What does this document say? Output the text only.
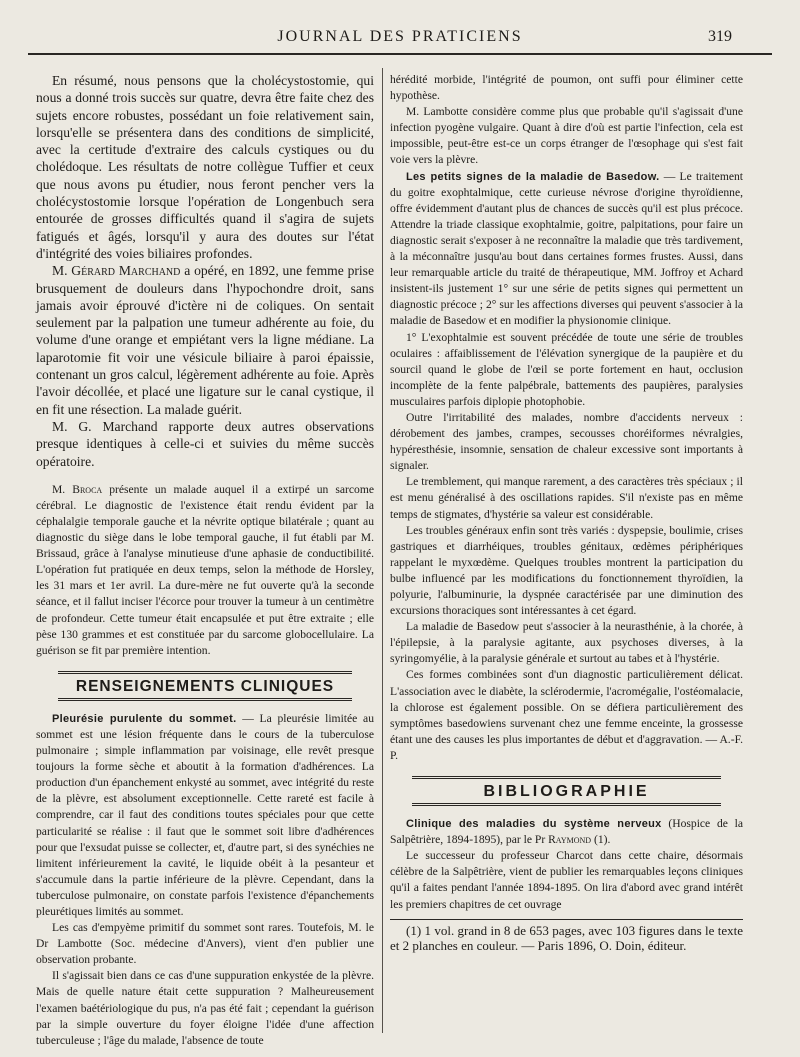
JOURNAL DES PRATICIENS	319

En résumé, nous pensons que la cholécystostomie, qui nous a donné trois succès sur quatre, devra être faite chez des sujets encore robustes, possédant un foie relativement sain, lorsqu'elle se présentera dans des conditions de simplicité, avec la certitude d'extraire des calculs cystiques ou du cholédoque. Les résultats de notre collègue Tuffier et ceux que nous avons pu étudier, nous feront pencher vers la cholécystostomie lorsque l'opération de Longenbuch sera entourée de grosses difficultés quand il s'agira de sujets fatigués et âgés, lorsqu'il y aura des doutes sur l'état d'intégrité des voies biliaires profondes.

M. Gérard Marchand a opéré, en 1892, une femme prise brusquement de douleurs dans l'hypochondre droit, sans jamais avoir éprouvé d'ictère ni de coliques. On sentait seulement par la palpation une tumeur adhérente au foie, du volume d'une orange et empiétant vers la ligne médiane. La laparotomie fit voir une vésicule biliaire à paroi épaissie, contenant un gros calcul, légèrement adhérente au foie. Après l'avoir décollée, et placé une ligature sur le canal cystique, il en fit une résection. La malade guérit.

M. G. Marchand rapporte deux autres observations presque identiques à celle-ci et suivies du même succès opératoire.

M. Broca présente un malade auquel il a extirpé un sarcome cérébral. Le diagnostic de l'existence était rendu évident par la céphalalgie temporale gauche et la névrite optique bilatérale ; quant au diagnostic du siège dans le lobe temporal gauche, il fut établi par M. Brissaud, grâce à l'analyse minutieuse d'une aphasie de conductibilité. L'opération fut pratiquée en deux temps, selon la méthode de Horsley, les 31 mars et 1er avril. La dure-mère ne fut ouverte qu'à la seconde séance, et il fallut inciser l'écorce pour trouver la tumeur à un centimètre de profondeur. Cette tumeur était encapsulée et put être extraite ; elle pèse 130 grammes et est constituée par du sarcome globocellulaire. La guérison se fit par première intention.

RENSEIGNEMENTS CLINIQUES

Pleurésie purulente du sommet. — La pleurésie limitée au sommet est une lésion fréquente dans le cours de la tuberculose pulmonaire ; simple inflammation par voisinage, elle revêt presque toujours la forme sèche et aboutit à la formation d'adhérences. La production d'un épanchement enkysté au sommet, avec intégrité du reste de la plèvre, est absolument exceptionnelle. Cette rareté est facile à comprendre, car il faut des conditions toutes spéciales pour que cette particularité se réalise : il faut que le sommet soit libre d'adhérences pour que l'exsudat puisse se collecter, et, d'autre part, si des synéchies ne limitent inférieurement la cavité, le liquide obéit à la pesanteur et s'accumule dans la partie inférieure de la plèvre. Cependant, dans la tuberculose pulmonaire, on constate parfois l'existence d'épanchements pleurétiques limités au sommet.

Les cas d'empyème primitif du sommet sont rares. Toutefois, M. le Dr Lambotte (Soc. médecine d'Anvers), vient d'en publier une observation probante.

Il s'agissait bien dans ce cas d'une suppuration enkystée de la plèvre. Mais de quelle nature était cette suppuration ? Malheureusement l'examen baétériologique du pus, n'a pas été fait ; cependant la guérison par la simple ouverture du foyer éloigne l'idée d'une affection tuberculeuse ; l'âge du malade, l'absence de toute

hérédité morbide, l'intégrité de poumon, ont suffi pour éliminer cette hypothèse.

M. Lambotte considère comme plus que probable qu'il s'agissait d'une infection pyogène vulgaire. Quant à dire d'où est partie l'infection, cela est impossible, peut-être est-ce un corps étranger de l'œsophage qui s'est fait voie vers la plèvre.

Les petits signes de la maladie de Basedow. — Le traitement du goitre exophtalmique, cette curieuse névrose d'origine thyroïdienne, offre évidemment d'autant plus de chances de succès qu'il est plus précoce. Attendre la triade classique exophtalmie, goitre, palpitations, pour faire un diagnostic serait s'exposer à ne reconnaître la maladie que très tardivement, à la méconnaître jusqu'au bout dans certaines formes frustes. Aussi, dans leur remarquable article du traité de thérapeutique, MM. Joffroy et Achard insistent-ils justement 1° sur une série de petits signes qui permettent un diagnostic précoce ; 2° sur les affections diverses qui peuvent s'associer à la maladie de Basedow et en modifier la physionomie clinique.

1° L'exophtalmie est souvent précédée de toute une série de troubles oculaires : affaiblissement de l'élévation synergique de la paupière et du sourcil quand le globe de l'œil se porte fortement en haut, occlusion incomplète de la fente palpébrale, battements des paupières, paralysies musculaires parfois diplopie photophobie.

Outre l'irritabilité des malades, nombre d'accidents nerveux : dérobement des jambes, crampes, secousses choréiformes névralgies, hypéresthésie, insomnie, sensation de chaleur excessive sont importants à signaler.

Le tremblement, qui manque rarement, a des caractères très spéciaux ; il est menu généralisé à des oscillations rapides. S'il n'existe pas en même temps de stigmates, d'hystérie sa valeur est considérable.

Les troubles généraux enfin sont très variés : dyspepsie, boulimie, crises gastriques et diarrhéiques, troubles génitaux, œdèmes périphériques rappelant le myxœdème. Quelques troubles montrent la participation du bulbe influencé par les modifications du fonctionnement thyroïdien, la polyurie, l'albuminurie, la dyspnée caractérisée par une diminution des excursions thoraciques sont intéressantes à cet égard.

La maladie de Basedow peut s'associer à la neurasthénie, à la chorée, à l'épilepsie, à la paralysie agitante, aux psychoses diverses, à la syringomyélie, à la paralysie générale et surtout au tabes et à l'hystérie.

Ces formes combinées sont d'un diagnostic particulièrement délicat. L'association avec le diabète, la sclérodermie, l'acromégalie, l'ostéomalacie, la chlorose est également possible. On se défiera particulièrement des symptômes basedowiens survenant chez une femme enceinte, la grossesse étant une des causes les plus importantes de début et d'aggravation. — A.-F. P.

BIBLIOGRAPHIE

Clinique des maladies du système nerveux (Hospice de la Salpêtrière, 1894-1895), par le Pr Raymond (1).

Le successeur du professeur Charcot dans cette chaire, désormais célèbre de la Salpêtrière, vient de publier les remarquables leçons cliniques qu'il a faites pendant l'année 1894-1895. On lira d'abord avec grand intérêt les premiers chapitres de cet ouvrage

(1) 1 vol. grand in 8 de 653 pages, avec 103 figures dans le texte et 2 planches en couleur. — Paris 1896, O. Doin, éditeur.
